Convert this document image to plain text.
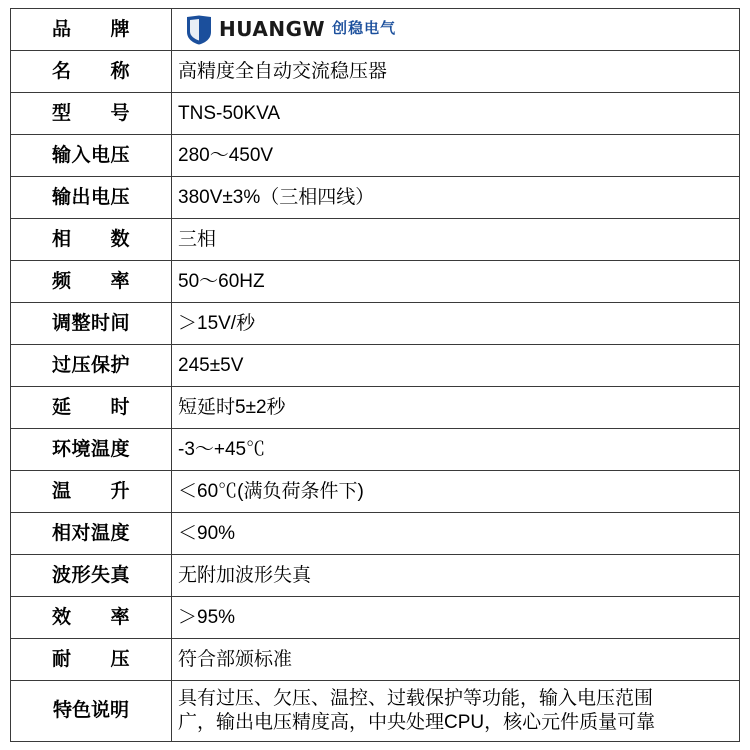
品　　牌	HUANGW 创稳电气

名　　称	高精度全自动交流稳压器
型　　号	TNS-50KVA
输入电压	280～450V
输出电压	380V±3%（三相四线）
相　　数	三相
频　　率	50～60HZ
调整时间	＞15V/秒
过压保护	245±5V
延　　时	短延时5±2秒
环境温度	-3～+45℃
温　　升	＜60℃(满负荷条件下)
相对温度	＜90%
波形失真	无附加波形失真
效　　率	＞95%
耐　　压	符合部颁标准
特色说明	具有过压、欠压、温控、过载保护等功能，输入电压范围
广，输出电压精度高，中央处理CPU，核心元件质量可靠
